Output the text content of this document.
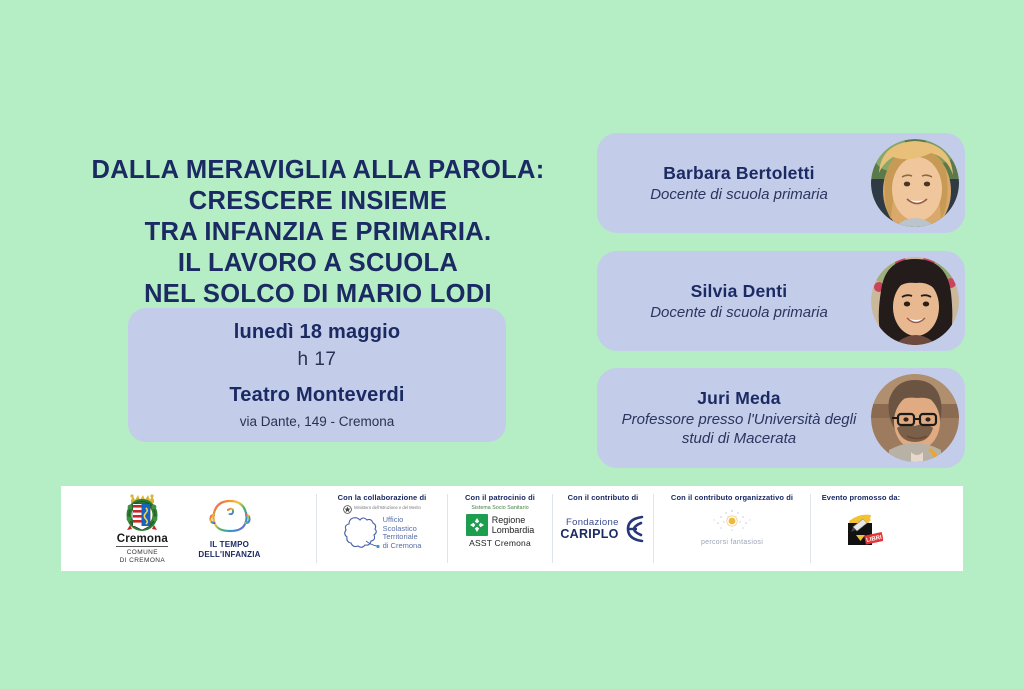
DALLA MERAVIGLIA ALLA PAROLA:
CRESCERE INSIEME
TRA INFANZIA E PRIMARIA.
IL LAVORO A SCUOLA
NEL SOLCO DI MARIO LODI
lunedì 18 maggio
h 17
Teatro Monteverdi
via Dante, 149 - Cremona
Barbara Bertoletti
Docente di scuola primaria
Silvia Denti
Docente di scuola primaria
Juri Meda
Professore presso l'Università degli
studi di Macerata
Cremona
COMUNE
DI CREMONA
IL TEMPO
DELL'INFANZIA
Con la collaborazione di
Ministero dell'Istruzione e del Merito
Ufficio
Scolastico
Territoriale
di Cremona
Con il patrocinio di
Sistema Socio Sanitario
Regione
Lombardia
ASST Cremona
Con il contributo di
Fondazione
CARIPLO
Con il contributo organizzativo di
percorsi fantasiosi
Evento promosso da:
LIBRI
